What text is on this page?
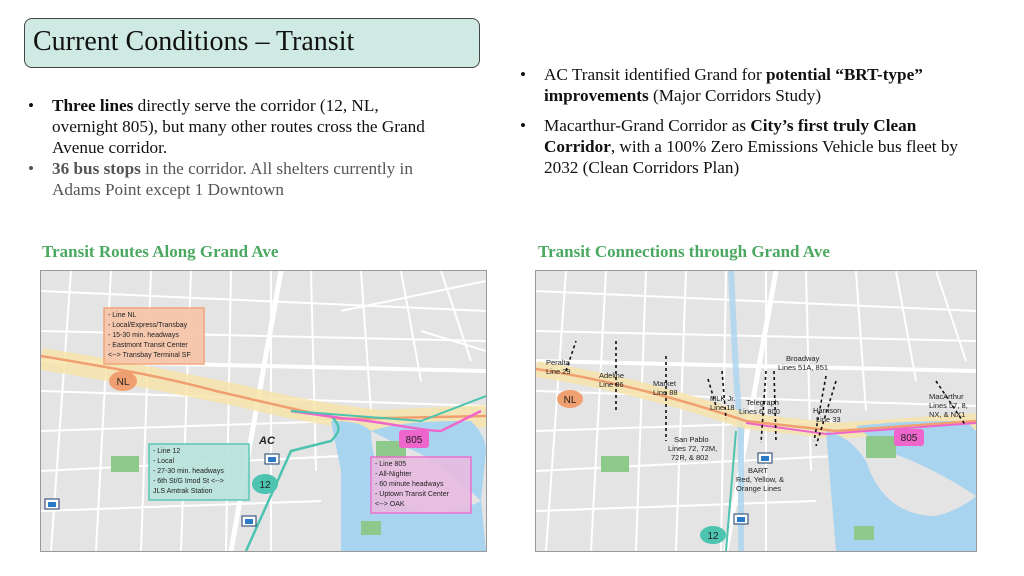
Current Conditions – Transit
• Three lines directly serve the corridor (12, NL, overnight 805), but many other routes cross the Grand Avenue corridor.
• 36 bus stops in the corridor. All shelters currently in Adams Point except 1 Downtown
• AC Transit identified Grand for potential “BRT-type” improvements (Major Corridors Study)
• Macarthur-Grand Corridor as City’s first truly Clean Corridor, with a 100% Zero Emissions Vehicle bus fleet by 2032 (Clean Corridors Plan)
Transit Routes Along Grand Ave	Transit Connections through Grand Ave
- Line NL - Local/Express/Transbay - 15-30 min. headways - Eastmont Transit Center <--> Transbay Terminal SF
- Line 12 - Local - 27-30 min. headways - 6th St/G Imod St <--> JLS Amtrak Station
- Line 805 - All-Nighter - 60 minute headways - Uptown Transit Center <--> OAK
NL
12
805
AC
Peralta Line 29	Adeline Line 36	Market Line 88
MLK Jr. Line 18
Telegraph Lines 6, 800
Broadway Lines 51A, 851
Harrison Line 33
MacArthur Lines 57, 8, NX, & NX1
San Pablo Lines 72, 72M, 72R, & 802
BART Red, Yellow, & Orange Lines
NL
12
805
